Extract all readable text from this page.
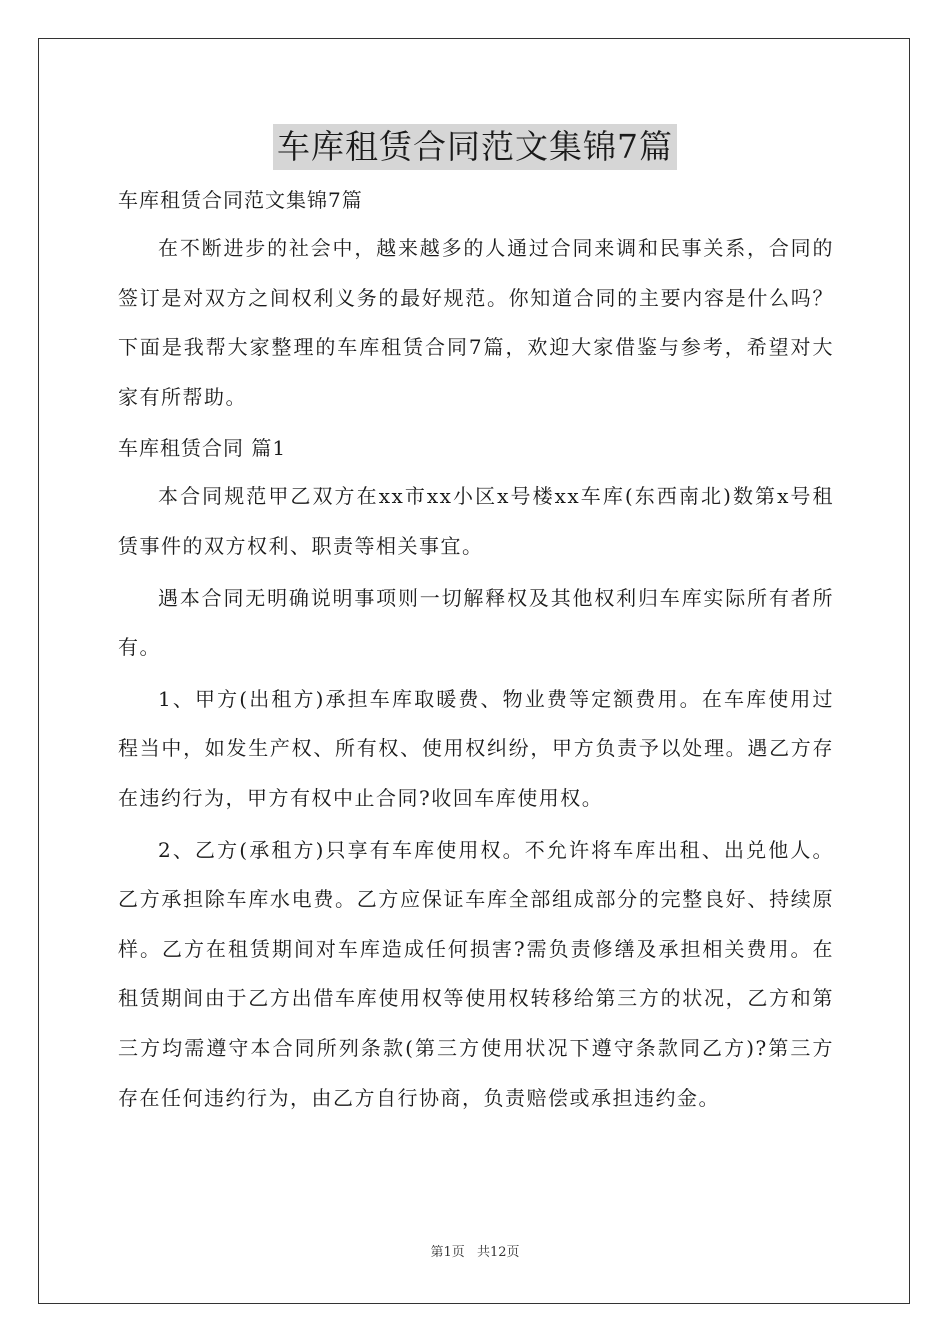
车库租赁合同范文集锦7篇

车库租赁合同范文集锦7篇

在不断进步的社会中，越来越多的人通过合同来调和民事关系，合同的签订是对双方之间权利义务的最好规范。你知道合同的主要内容是什么吗？下面是我帮大家整理的车库租赁合同7篇，欢迎大家借鉴与参考，希望对大家有所帮助。

车库租赁合同 篇1

本合同规范甲乙双方在xx市xx小区x号楼xx车库(东西南北)数第x号租赁事件的双方权利、职责等相关事宜。

遇本合同无明确说明事项则一切解释权及其他权利归车库实际所有者所有。

1、甲方(出租方)承担车库取暖费、物业费等定额费用。在车库使用过程当中，如发生产权、所有权、使用权纠纷，甲方负责予以处理。遇乙方存在违约行为，甲方有权中止合同?收回车库使用权。

2、乙方(承租方)只享有车库使用权。不允许将车库出租、出兑他人。乙方承担除车库水电费。乙方应保证车库全部组成部分的完整良好、持续原样。乙方在租赁期间对车库造成任何损害?需负责修缮及承担相关费用。在租赁期间由于乙方出借车库使用权等使用权转移给第三方的状况，乙方和第三方均需遵守本合同所列条款(第三方使用状况下遵守条款同乙方)?第三方存在任何违约行为，由乙方自行协商，负责赔偿或承担违约金。

第1页 共12页
